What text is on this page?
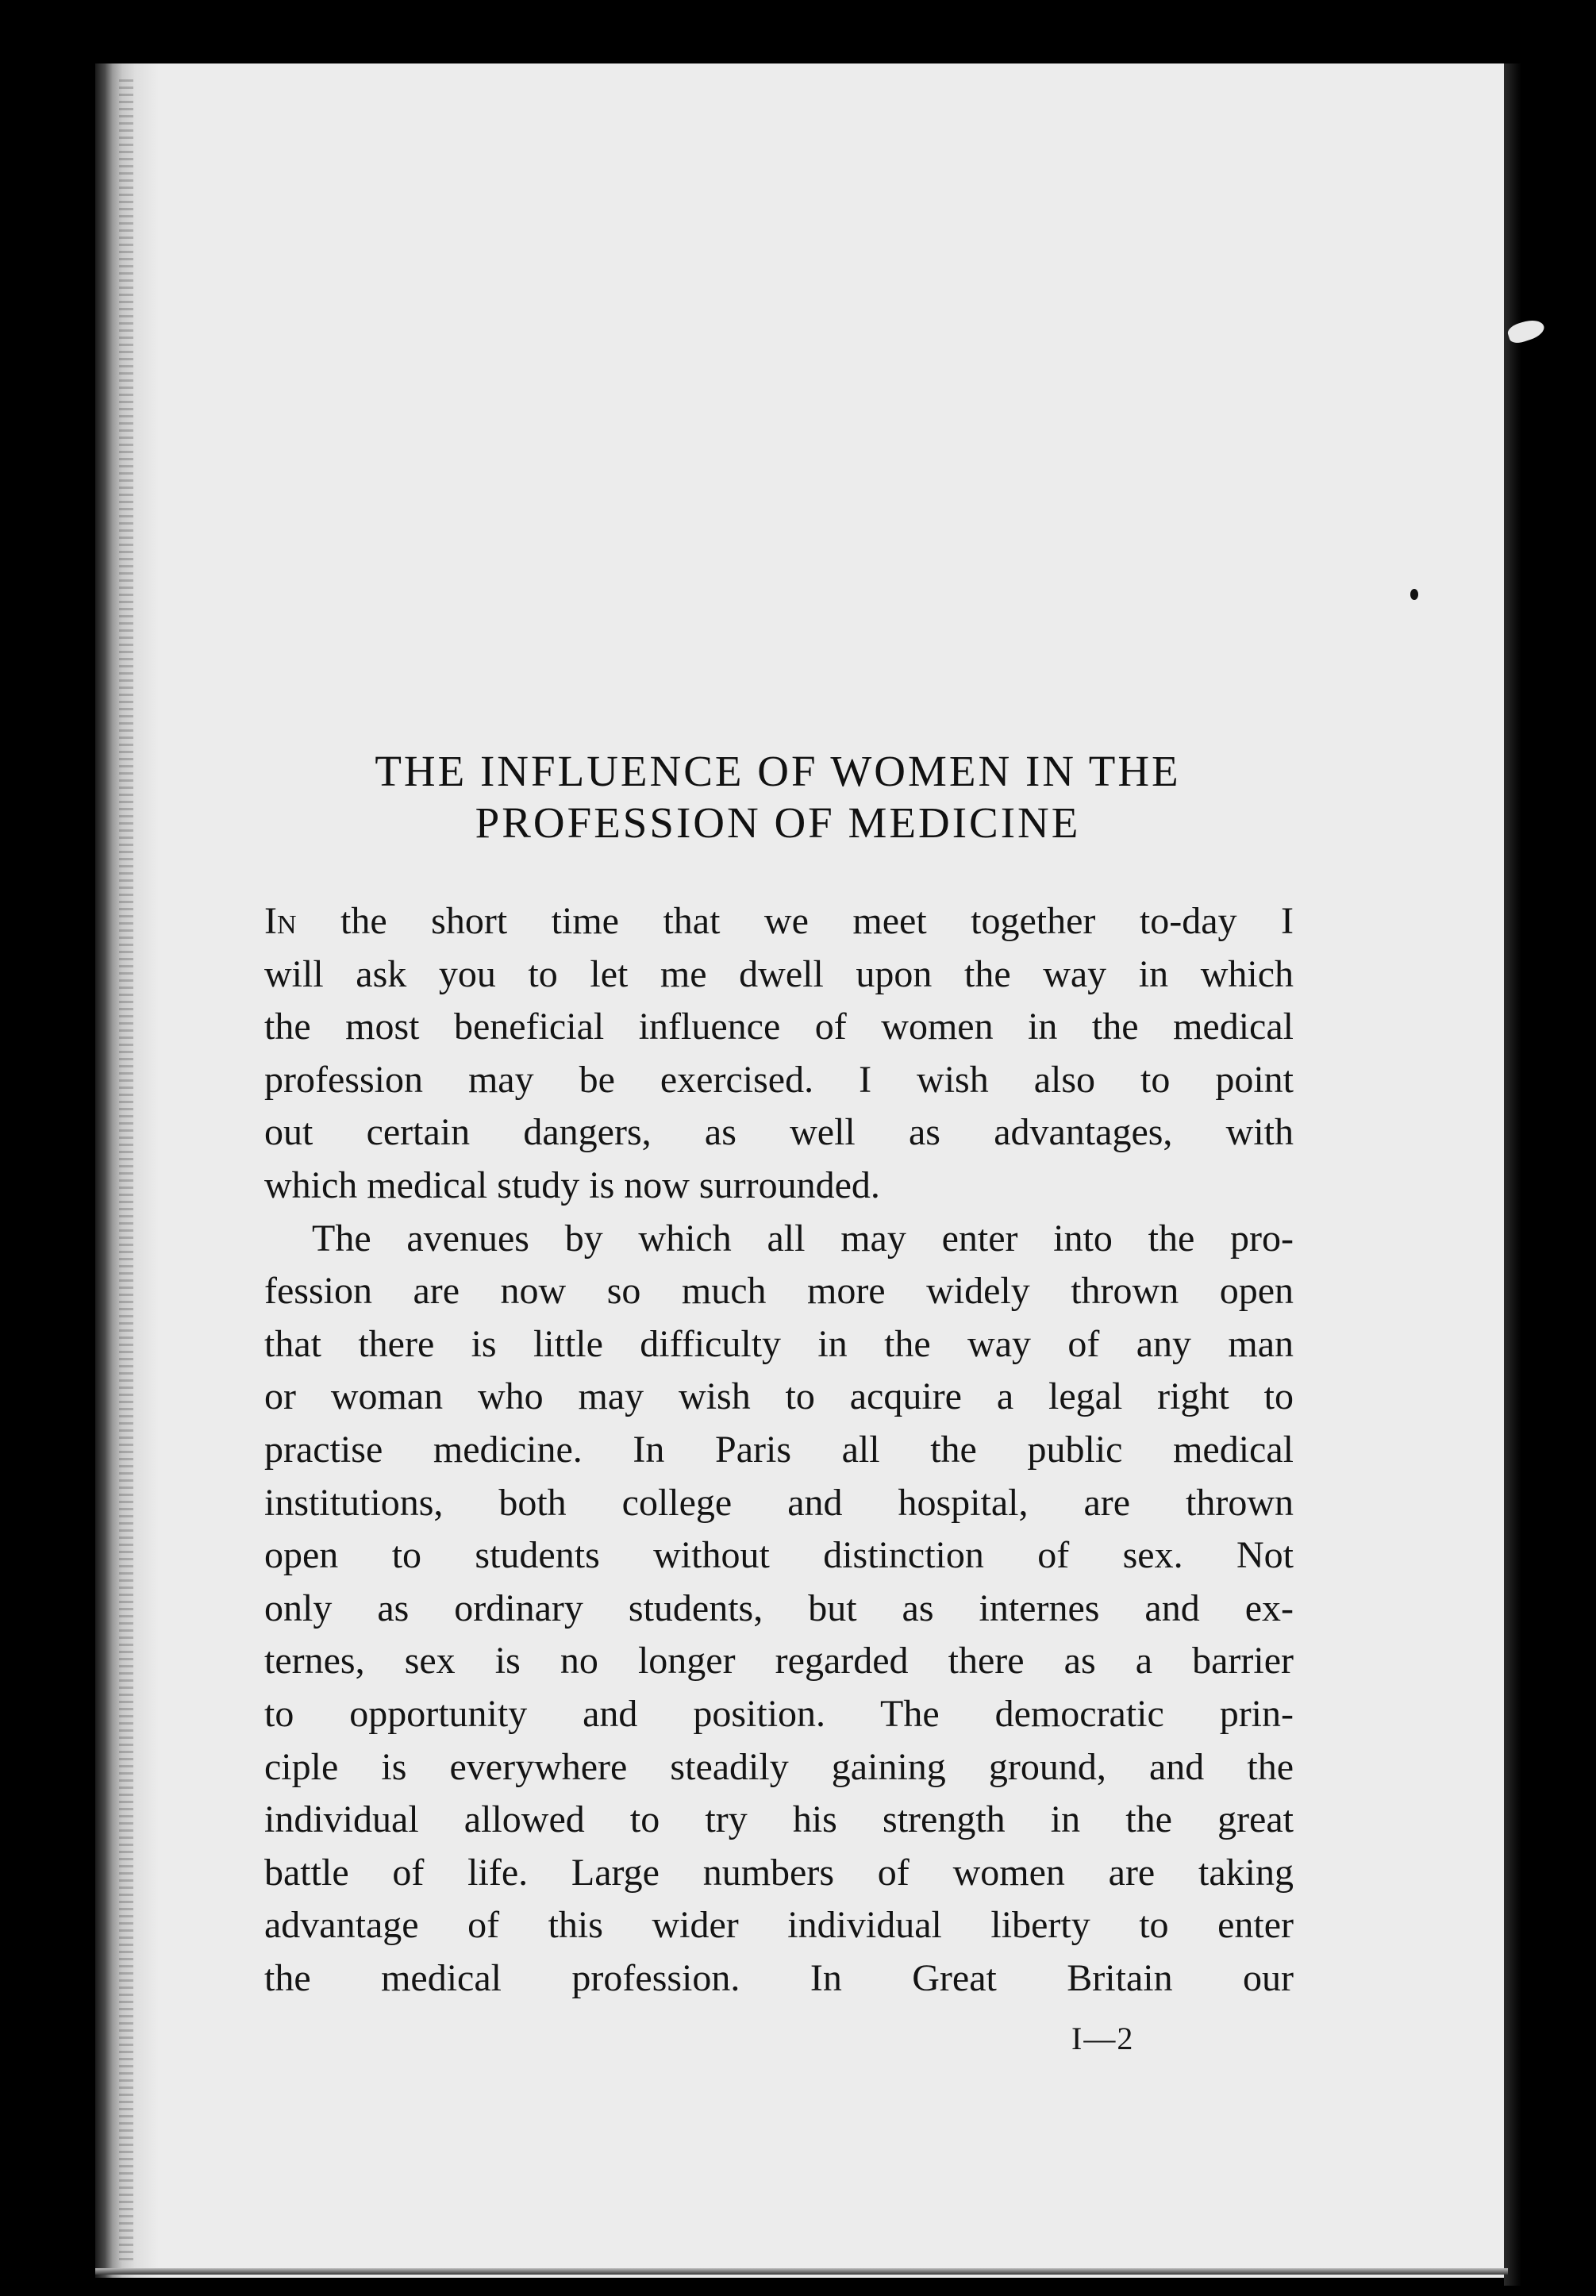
THE INFLUENCE OF WOMEN IN THE
PROFESSION OF MEDICINE
In the short time that we meet together to-day I
will ask you to let me dwell upon the way in which
the most beneficial influence of women in the medical
profession may be exercised. I wish also to point
out certain dangers, as well as advantages, with
which medical study is now surrounded.
The avenues by which all may enter into the pro-
fession are now so much more widely thrown open
that there is little difficulty in the way of any man
or woman who may wish to acquire a legal right to
practise medicine. In Paris all the public medical
institutions, both college and hospital, are thrown
open to students without distinction of sex. Not
only as ordinary students, but as internes and ex-
ternes, sex is no longer regarded there as a barrier
to opportunity and position. The democratic prin-
ciple is everywhere steadily gaining ground, and the
individual allowed to try his strength in the great
battle of life. Large numbers of women are taking
advantage of this wider individual liberty to enter
the medical profession. In Great Britain our
I—2
